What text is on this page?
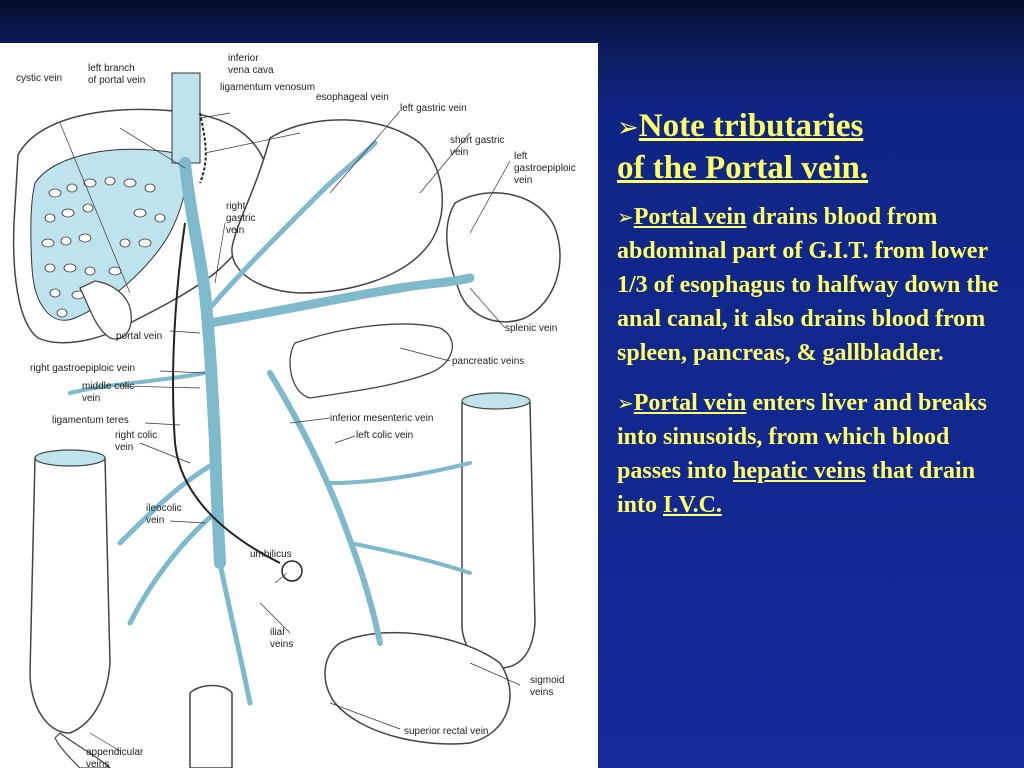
cystic vein
left branch
of portal vein
inferior
vena cava
ligamentum venosum
esophageal vein
left gastric vein
short gastric
vein	left
gastroepiploic
vein
right
gastric
vein
splenic vein
portal vein
pancreatic veins
right gastroepiploic vein
middle colic
vein
inferior mesenteric vein
ligamentum teres
left colic vein
right colic
vein
ileocolic
vein
umbilicus
ilial
veins
sigmoid
veins
superior rectal vein
appendicular
veins
➢Note tributaries
of the Portal vein.
➢Portal vein drains blood from abdominal part of G.I.T. from lower 1/3 of esophagus to halfway down the anal canal, it also drains blood from spleen, pancreas, & gallbladder.
➢Portal vein enters liver and breaks into sinusoids, from which blood passes into hepatic veins that drain into I.V.C.
